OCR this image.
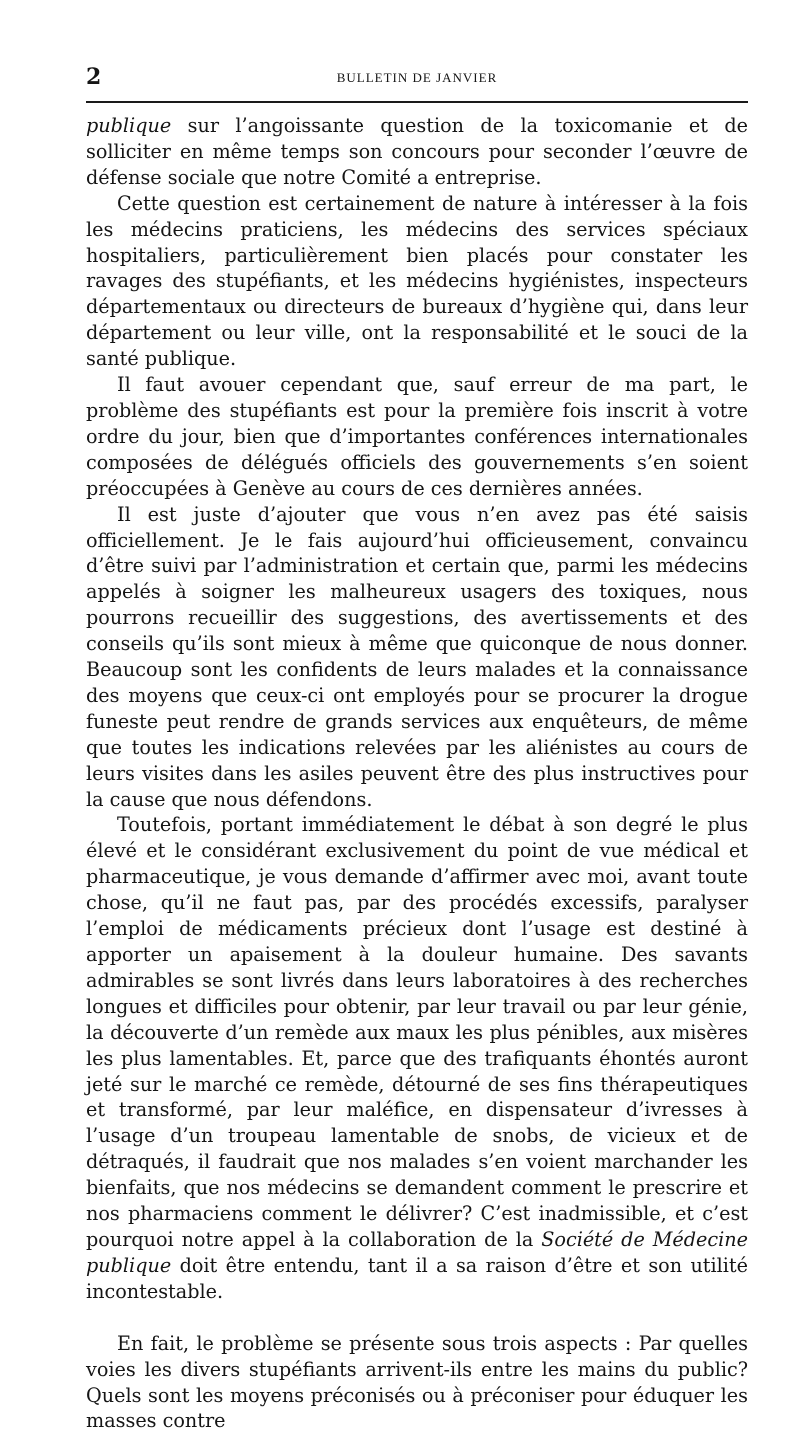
2	BULLETIN DE JANVIER

publique sur l’angoissante question de la toxicomanie et de solliciter en même temps son concours pour seconder l’œuvre de défense sociale que notre Comité a entreprise.

Cette question est certainement de nature à intéresser à la fois les médecins praticiens, les médecins des services spéciaux hospitaliers, particulièrement bien placés pour constater les ravages des stupéfiants, et les médecins hygiénistes, inspecteurs départementaux ou directeurs de bureaux d’hygiène qui, dans leur département ou leur ville, ont la responsabilité et le souci de la santé publique.

Il faut avouer cependant que, sauf erreur de ma part, le problème des stupéfiants est pour la première fois inscrit à votre ordre du jour, bien que d’importantes conférences internationales composées de délégués officiels des gouvernements s’en soient préoccupées à Genève au cours de ces dernières années.

Il est juste d’ajouter que vous n’en avez pas été saisis officiellement. Je le fais aujourd’hui officieusement, convaincu d’être suivi par l’administration et certain que, parmi les médecins appelés à soigner les malheureux usagers des toxiques, nous pourrons recueillir des suggestions, des avertissements et des conseils qu’ils sont mieux à même que quiconque de nous donner. Beaucoup sont les confidents de leurs malades et la connaissance des moyens que ceux-ci ont employés pour se procurer la drogue funeste peut rendre de grands services aux enquêteurs, de même que toutes les indications relevées par les aliénistes au cours de leurs visites dans les asiles peuvent être des plus instructives pour la cause que nous défendons.

Toutefois, portant immédiatement le débat à son degré le plus élevé et le considérant exclusivement du point de vue médical et pharmaceutique, je vous demande d’affirmer avec moi, avant toute chose, qu’il ne faut pas, par des procédés excessifs, paralyser l’emploi de médicaments précieux dont l’usage est destiné à apporter un apaisement à la douleur humaine. Des savants admirables se sont livrés dans leurs laboratoires à des recherches longues et difficiles pour obtenir, par leur travail ou par leur génie, la découverte d’un remède aux maux les plus pénibles, aux misères les plus lamentables. Et, parce que des trafiquants éhontés auront jeté sur le marché ce remède, détourné de ses fins thérapeutiques et transformé, par leur maléfice, en dispensateur d’ivresses à l’usage d’un troupeau lamentable de snobs, de vicieux et de détraqués, il faudrait que nos malades s’en voient marchander les bienfaits, que nos médecins se demandent comment le prescrire et nos pharmaciens comment le délivrer? C’est inadmissible, et c’est pourquoi notre appel à la collaboration de la Société de Médecine publique doit être entendu, tant il a sa raison d’être et son utilité incontestable.

En fait, le problème se présente sous trois aspects : Par quelles voies les divers stupéfiants arrivent-ils entre les mains du public? Quels sont les moyens préconisés ou à préconiser pour éduquer les masses contre
